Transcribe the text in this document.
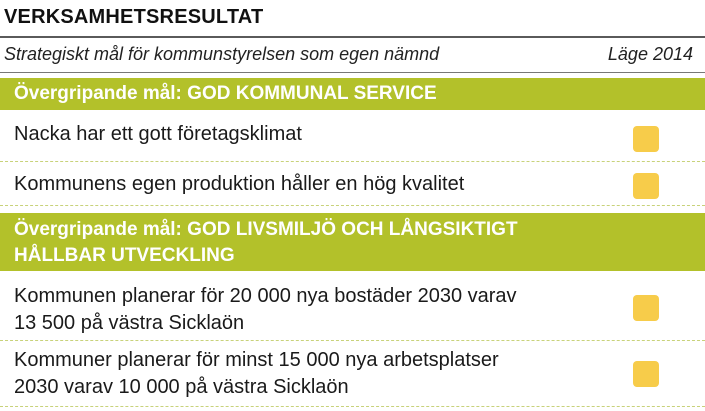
VERKSAMHETSRESULTAT
Strategiskt mål för kommunstyrelsen som egen nämnd	Läge 2014
Övergripande mål: GOD KOMMUNAL SERVICE
Nacka har ett gott företagsklimat
Kommunens egen produktion håller en hög kvalitet
Övergripande mål: GOD LIVSMILJÖ OCH LÅNGSIKTIGT
HÅLLBAR UTVECKLING
Kommunen planerar för 20 000 nya bostäder 2030 varav
13 500 på västra Sicklaön
Kommuner planerar för minst 15 000 nya arbetsplatser
2030 varav 10 000 på västra Sicklaön
